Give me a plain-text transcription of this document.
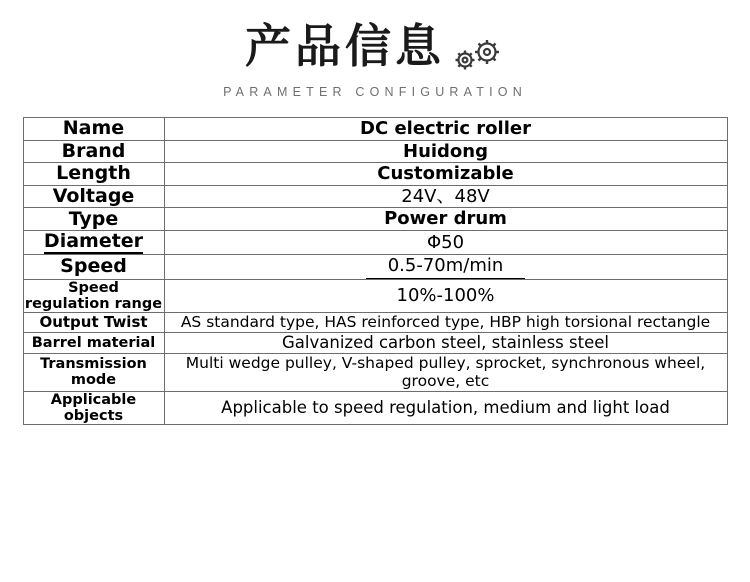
产品信息
PARAMETER CONFIGURATION
Name	DC electric roller
Brand	Huidong
Length	Customizable
Voltage	24V、48V
Type	Power drum
Diameter	Φ50
Speed	0.5-70m/min
Speed regulation range	10%-100%
Output Twist	AS standard type, HAS reinforced type, HBP high torsional rectangle
Barrel material	Galvanized carbon steel, stainless steel
Transmission mode	Multi wedge pulley, V-shaped pulley, sprocket, synchronous wheel, groove, etc
Applicable objects	Applicable to speed regulation, medium and light load
